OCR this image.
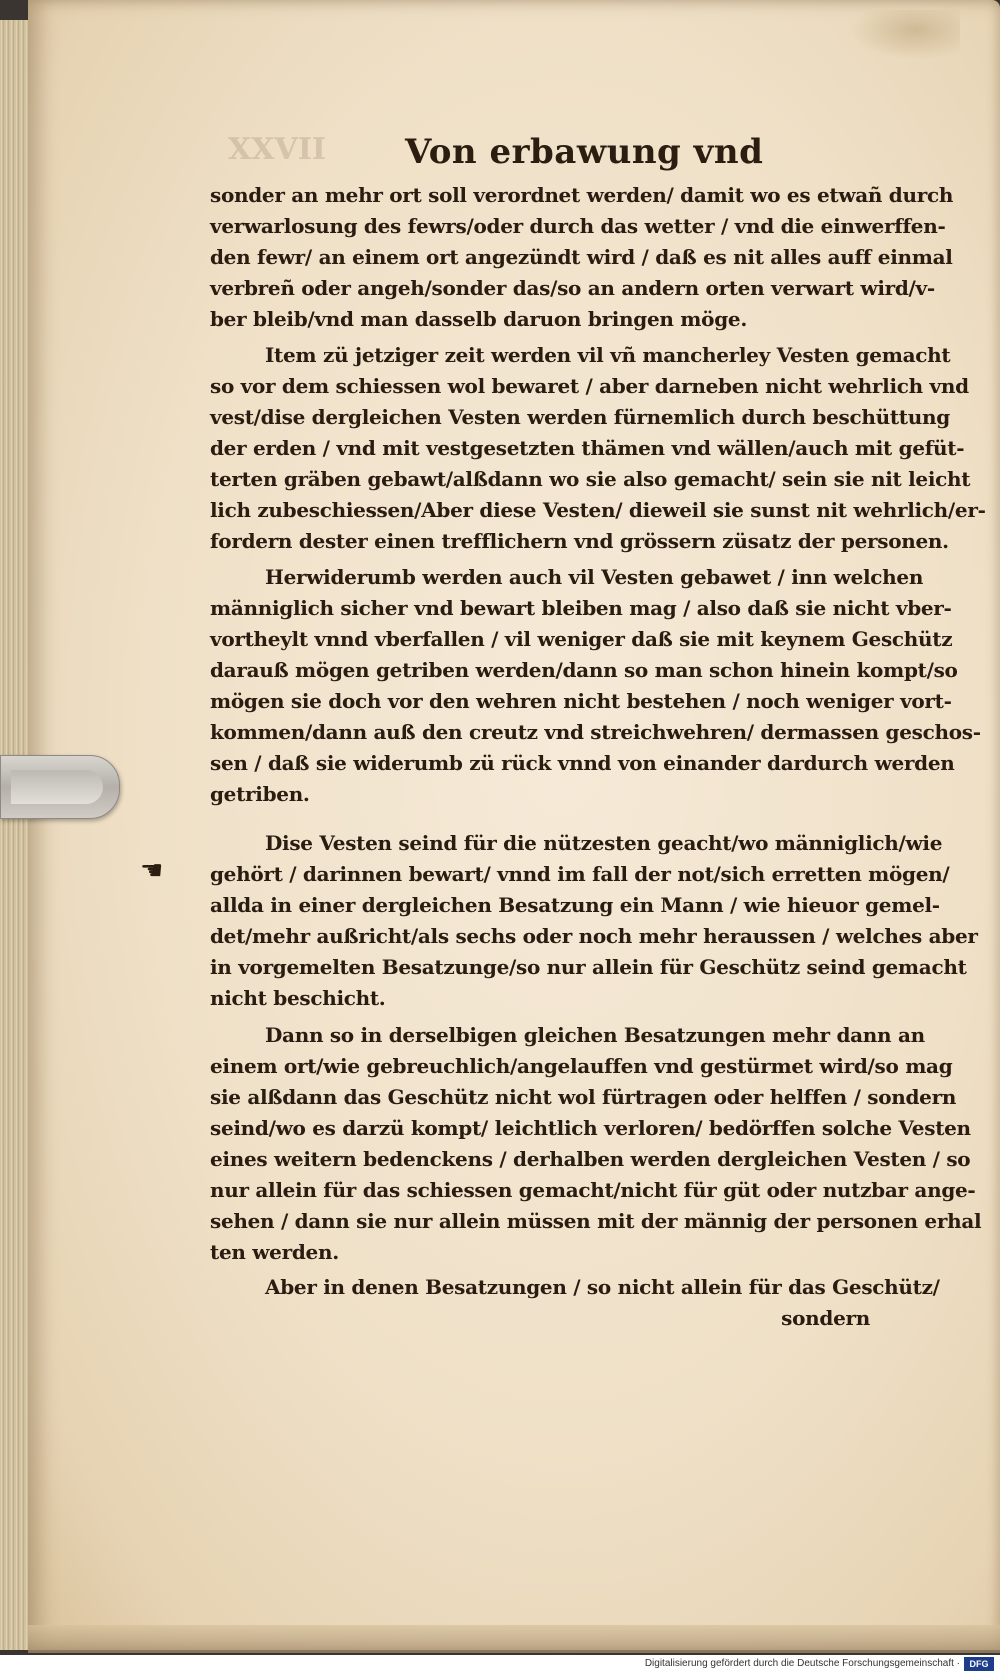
XXVII Von erbawung vnd
sonder an mehr ort soll verordnet werden/ damit wo es etwañ durch
verwarlosung des fewrs/oder durch das wetter / vnd die einwerffen-
den fewr/ an einem ort angezündt wird / daß es nit alles auff einmal
verbreñ oder angeh/sonder das/so an andern orten verwart wird/v-
ber bleib/vnd man dasselb daruon bringen möge.
Item zü jetziger zeit werden vil vñ mancherley Vesten gemacht
so vor dem schiessen wol bewaret / aber darneben nicht wehrlich vnd
vest/dise dergleichen Vesten werden fürnemlich durch beschüttung
der erden / vnd mit vestgesetzten thämen vnd wällen/auch mit gefüt-
terten gräben gebawt/alßdann wo sie also gemacht/ sein sie nit leicht
lich zubeschiessen/Aber diese Vesten/ dieweil sie sunst nit wehrlich/er-
fordern dester einen trefflichern vnd grössern züsatz der personen.
Herwiderumb werden auch vil Vesten gebawet / inn welchen
männiglich sicher vnd bewart bleiben mag / also daß sie nicht vber-
vortheylt vnnd vberfallen / vil weniger daß sie mit keynem Geschütz
darauß mögen getriben werden/dann so man schon hinein kompt/so
mögen sie doch vor den wehren nicht bestehen / noch weniger vort-
kommen/dann auß den creutz vnd streichwehren/ dermassen geschos-
sen / daß sie widerumb zü rück vnnd von einander dardurch werden
getriben.
Dise Vesten seind für die nützesten geacht/wo männiglich/wie
gehört / darinnen bewart/ vnnd im fall der not/sich erretten mögen/
allda in einer dergleichen Besatzung ein Mann / wie hieuor gemel-
det/mehr außricht/als sechs oder noch mehr heraussen / welches aber
in vorgemelten Besatzunge/so nur allein für Geschütz seind gemacht
nicht beschicht.
Dann so in derselbigen gleichen Besatzungen mehr dann an
einem ort/wie gebreuchlich/angelauffen vnd gestürmet wird/so mag
sie alßdann das Geschütz nicht wol fürtragen oder helffen / sondern
seind/wo es darzü kompt/ leichtlich verloren/ bedörffen solche Vesten
eines weitern bedenckens / derhalben werden dergleichen Vesten / so
nur allein für das schiessen gemacht/nicht für güt oder nutzbar ange-
sehen / dann sie nur allein müssen mit der männig der personen erhal
ten werden.
Aber in denen Besatzungen / so nicht allein für das Geschütz/
sondern
☚
Digitalisierung gefördert durch die Deutsche Forschungsgemeinschaft ·	DFG
